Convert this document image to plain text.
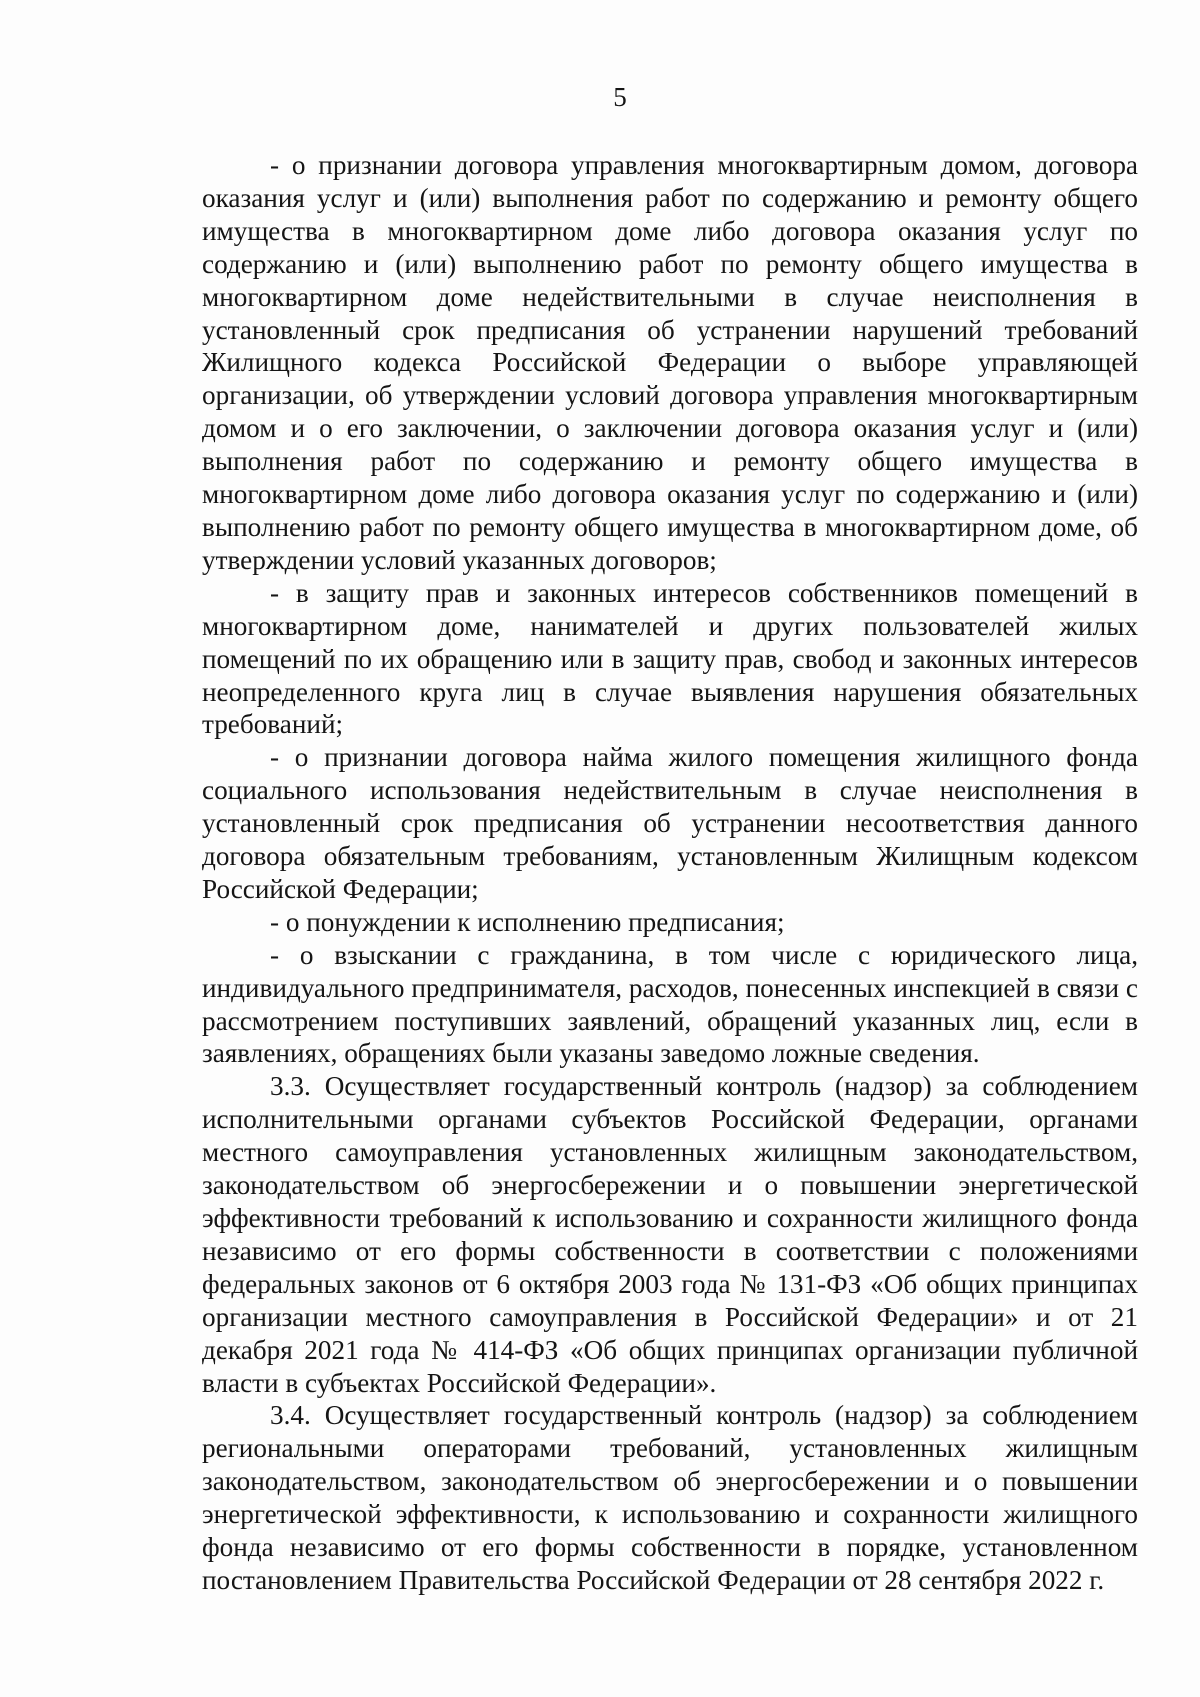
5

- о признании договора управления многоквартирным домом, договора оказания услуг и (или) выполнения работ по содержанию и ремонту общего имущества в многоквартирном доме либо договора оказания услуг по содержанию и (или) выполнению работ по ремонту общего имущества в многоквартирном доме недействительными в случае неисполнения в установленный срок предписания об устранении нарушений требований Жилищного кодекса Российской Федерации о выборе управляющей организации, об утверждении условий договора управления многоквартирным домом и о его заключении, о заключении договора оказания услуг и (или) выполнения работ по содержанию и ремонту общего имущества в многоквартирном доме либо договора оказания услуг по содержанию и (или) выполнению работ по ремонту общего имущества в многоквартирном доме, об утверждении условий указанных договоров;

- в защиту прав и законных интересов собственников помещений в многоквартирном доме, нанимателей и других пользователей жилых помещений по их обращению или в защиту прав, свобод и законных интересов неопределенного круга лиц в случае выявления нарушения обязательных требований;

- о признании договора найма жилого помещения жилищного фонда социального использования недействительным в случае неисполнения в установленный срок предписания об устранении несоответствия данного договора обязательным требованиям, установленным Жилищным кодексом Российской Федерации;

- о понуждении к исполнению предписания;

- о взыскании с гражданина, в том числе с юридического лица, индивидуального предпринимателя, расходов, понесенных инспекцией в связи с рассмотрением поступивших заявлений, обращений указанных лиц, если в заявлениях, обращениях были указаны заведомо ложные сведения.

3.3. Осуществляет государственный контроль (надзор) за соблюдением исполнительными органами субъектов Российской Федерации, органами местного самоуправления установленных жилищным законодательством, законодательством об энергосбережении и о повышении энергетической эффективности требований к использованию и сохранности жилищного фонда независимо от его формы собственности в соответствии с положениями федеральных законов от 6 октября 2003 года № 131-ФЗ «Об общих принципах организации местного самоуправления в Российской Федерации» и от 21 декабря 2021 года № 414-ФЗ «Об общих принципах организации публичной власти в субъектах Российской Федерации».

3.4. Осуществляет государственный контроль (надзор) за соблюдением региональными операторами требований, установленных жилищным законодательством, законодательством об энергосбережении и о повышении энергетической эффективности, к использованию и сохранности жилищного фонда независимо от его формы собственности в порядке, установленном постановлением Правительства Российской Федерации от 28 сентября 2022 г.
